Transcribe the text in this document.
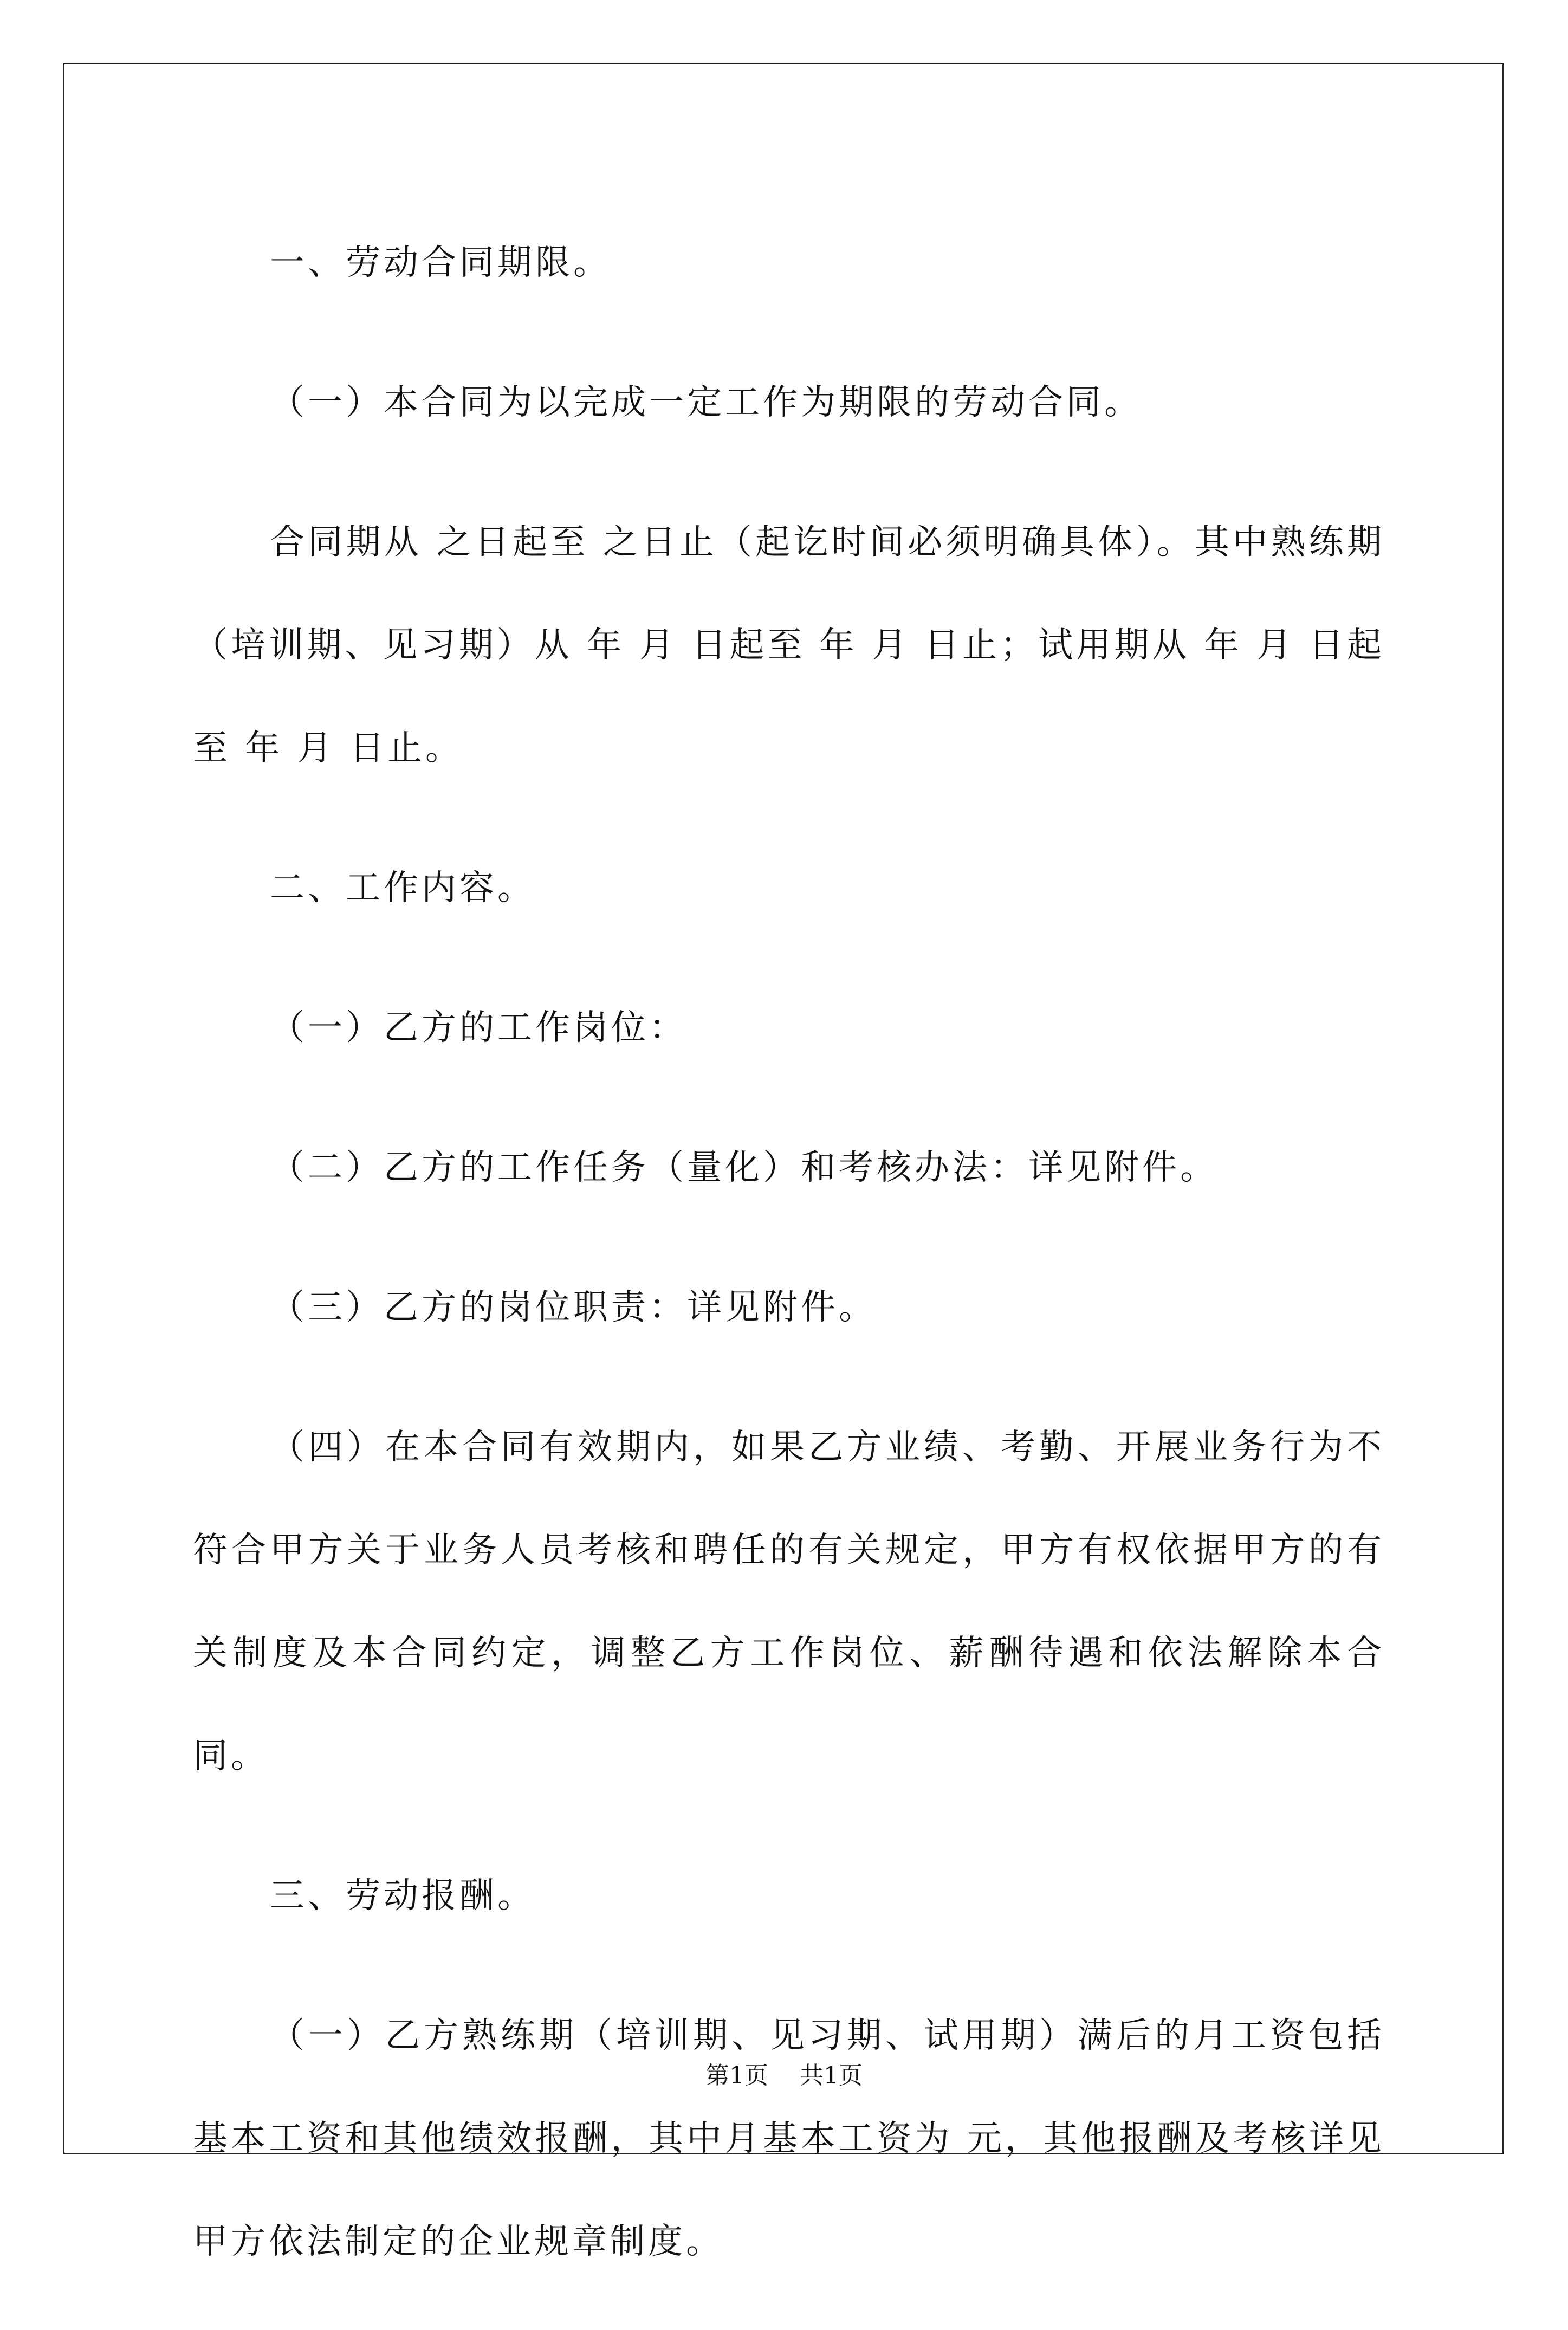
一、劳动合同期限。
（一）本合同为以完成一定工作为期限的劳动合同。
合同期从 之日起至 之日止（起讫时间必须明确具体）。其中熟练期（培训期、见习期）从 年 月 日起至 年 月 日止；试用期从 年 月 日起至 年 月 日止。
二、工作内容。
（一）乙方的工作岗位：
（二）乙方的工作任务（量化）和考核办法：详见附件。
（三）乙方的岗位职责：详见附件。
（四）在本合同有效期内，如果乙方业绩、考勤、开展业务行为不符合甲方关于业务人员考核和聘任的有关规定，甲方有权依据甲方的有关制度及本合同约定，调整乙方工作岗位、薪酬待遇和依法解除本合同。
三、劳动报酬。
（一）乙方熟练期（培训期、见习期、试用期）满后的月工资包括基本工资和其他绩效报酬，其中月基本工资为 元，其他报酬及考核详见甲方依法制定的企业规章制度。
第1页 共1页
